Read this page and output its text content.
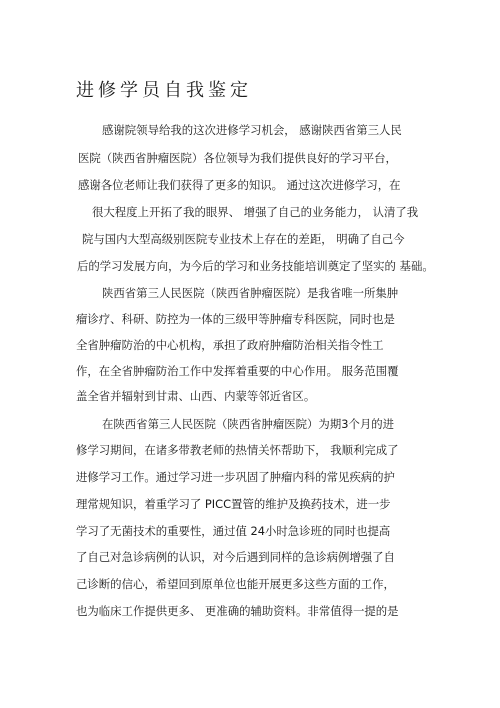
进修学员自我鉴定
感谢院领导给我的这次进修学习机会， 感谢陕西省第三人民
医院（陕西省肿瘤医院）各位领导为我们提供良好的学习平台，
感谢各位老师让我们获得了更多的知识。 通过这次进修学习，在
很大程度上开拓了我的眼界、 增强了自己的业务能力， 认清了我
院与国内大型高级别医院专业技术上存在的差距， 明确了自己今
后的学习发展方向，为今后的学习和业务技能培训奠定了坚实的 基础。
陕西省第三人民医院（陕西省肿瘤医院）是我省唯一所集肿
瘤诊疗、科研、防控为一体的三级甲等肿瘤专科医院，同时也是
全省肿瘤防治的中心机构，承担了政府肿瘤防治相关指令性工
作，在全省肿瘤防治工作中发挥着重要的中心作用。 服务范围覆
盖全省并辐射到甘肃、山西、内蒙等邻近省区。
在陕西省第三人民医院（陕西省肿瘤医院）为期3个月的进
修学习期间，在诸多带教老师的热情关怀帮助下， 我顺利完成了
进修学习工作。通过学习进一步巩固了肿瘤内科的常见疾病的护
理常规知识，着重学习了 PICC置管的维护及换药技术，进一步
学习了无菌技术的重要性，通过值 24小时急诊班的同时也提高
了自己对急诊病例的认识，对今后遇到同样的急诊病例增强了自
己诊断的信心，希望回到原单位也能开展更多这些方面的工作，
也为临床工作提供更多、 更准确的辅助资料。非常值得一提的是
